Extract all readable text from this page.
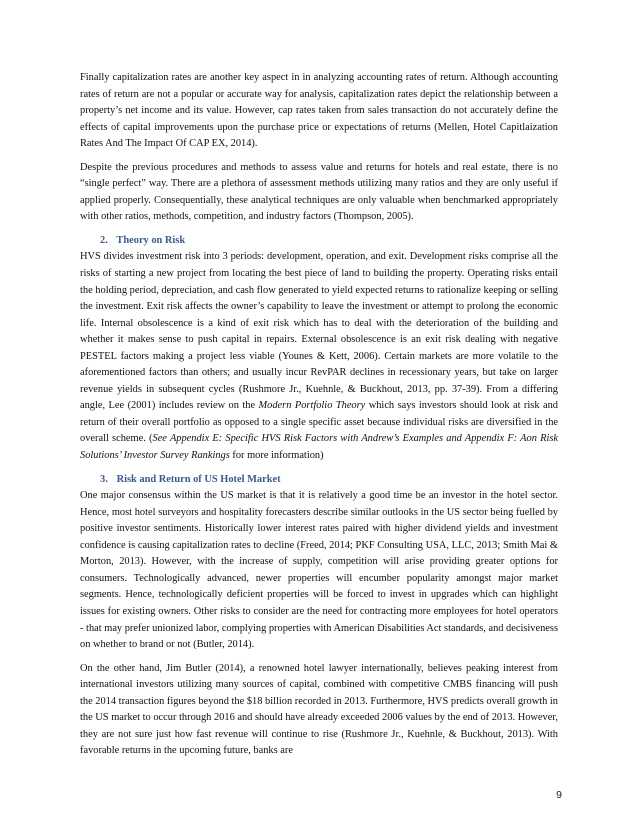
Finally capitalization rates are another key aspect in in analyzing accounting rates of return. Although accounting rates of return are not a popular or accurate way for analysis, capitalization rates depict the relationship between a property’s net income and its value. However, cap rates taken from sales transaction do not accurately define the effects of capital improvements upon the purchase price or expectations of returns (Mellen, Hotel Capitlaization Rates And The Impact Of CAP EX, 2014).

Despite the previous procedures and methods to assess value and returns for hotels and real estate, there is no “single perfect” way. There are a plethora of assessment methods utilizing many ratios and they are only useful if applied properly. Consequentially, these analytical techniques are only valuable when benchmarked appropriately with other ratios, methods, competition, and industry factors (Thompson, 2005).

2. Theory on Risk

HVS divides investment risk into 3 periods: development, operation, and exit. Development risks comprise all the risks of starting a new project from locating the best piece of land to building the property. Operating risks entail the holding period, depreciation, and cash flow generated to yield expected returns to rationalize keeping or selling the investment. Exit risk affects the owner’s capability to leave the investment or attempt to prolong the economic life. Internal obsolescence is a kind of exit risk which has to deal with the deterioration of the building and whether it makes sense to push capital in repairs. External obsolescence is an exit risk dealing with negative PESTEL factors making a project less viable (Younes & Kett, 2006). Certain markets are more volatile to the aforementioned factors than others; and usually incur RevPAR declines in recessionary years, but take on larger revenue yields in subsequent cycles (Rushmore Jr., Kuehnle, & Buckhout, 2013, pp. 37-39). From a differing angle, Lee (2001) includes review on the Modern Portfolio Theory which says investors should look at risk and return of their overall portfolio as opposed to a single specific asset because individual risks are diversified in the overall scheme. (See Appendix E: Specific HVS Risk Factors with Andrew’s Examples and Appendix F: Aon Risk Solutions’ Investor Survey Rankings for more information)

3. Risk and Return of US Hotel Market

One major consensus within the US market is that it is relatively a good time be an investor in the hotel sector. Hence, most hotel surveyors and hospitality forecasters describe similar outlooks in the US sector being fuelled by positive investor sentiments. Historically lower interest rates paired with higher dividend yields and investment confidence is causing capitalization rates to decline (Freed, 2014; PKF Consulting USA, LLC, 2013; Smith Mai & Morton, 2013). However, with the increase of supply, competition will arise providing greater options for consumers. Technologically advanced, newer properties will encumber popularity amongst major market segments. Hence, technologically deficient properties will be forced to invest in upgrades which can highlight issues for existing owners. Other risks to consider are the need for contracting more employees for hotel operators - that may prefer unionized labor, complying properties with American Disabilities Act standards, and decisiveness on whether to brand or not (Butler, 2014).

On the other hand, Jim Butler (2014), a renowned hotel lawyer internationally, believes peaking interest from international investors utilizing many sources of capital, combined with competitive CMBS financing will push the 2014 transaction figures beyond the $18 billion recorded in 2013. Furthermore, HVS predicts overall growth in the US market to occur through 2016 and should have already exceeded 2006 values by the end of 2013. However, they are not sure just how fast revenue will continue to rise (Rushmore Jr., Kuehnle, & Buckhout, 2013). With favorable returns in the upcoming future, banks are

9
